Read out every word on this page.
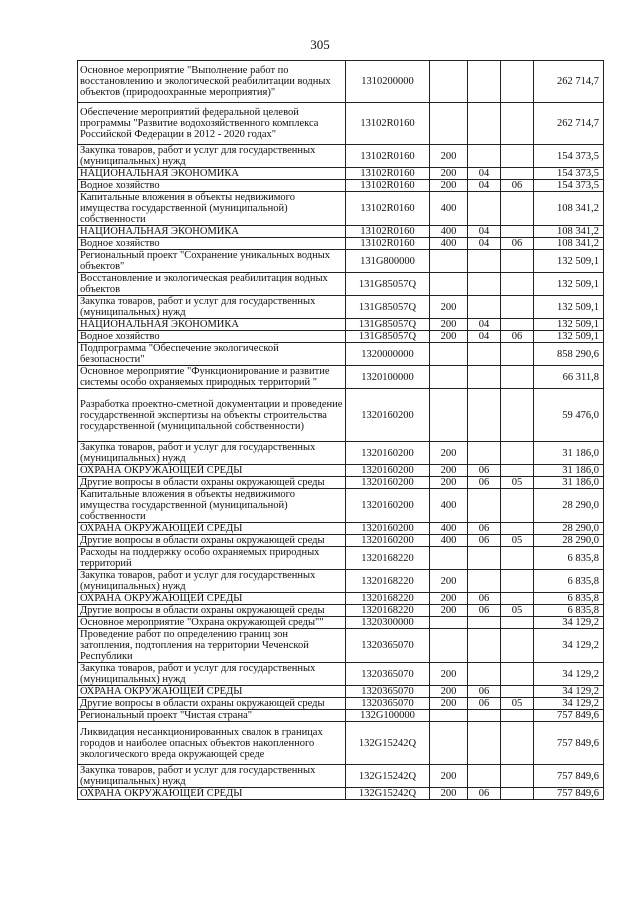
305
Основное мероприятие "Выполнение работ по восстановлению и экологической реабилитации водных объектов (природоохранные мероприятия)"	1310200000				262 714,7
Обеспечение мероприятий федеральной целевой программы "Развитие водохозяйственного комплекса Российской Федерации в 2012 - 2020 годах"	13102R0160				262 714,7
Закупка товаров, работ и услуг для государственных (муниципальных) нужд	13102R0160	200			154 373,5
НАЦИОНАЛЬНАЯ ЭКОНОМИКА	13102R0160	200	04		154 373,5
Водное хозяйство	13102R0160	200	04	06	154 373,5
Капитальные вложения в объекты недвижимого имущества государственной (муниципальной) собственности	13102R0160	400			108 341,2
НАЦИОНАЛЬНАЯ ЭКОНОМИКА	13102R0160	400	04		108 341,2
Водное хозяйство	13102R0160	400	04	06	108 341,2
Региональный проект "Сохранение уникальных водных объектов"	131G800000				132 509,1
Восстановление и экологическая реабилитация водных объектов	131G85057Q				132 509,1
Закупка товаров, работ и услуг для государственных (муниципальных) нужд	131G85057Q	200			132 509,1
НАЦИОНАЛЬНАЯ ЭКОНОМИКА	131G85057Q	200	04		132 509,1
Водное хозяйство	131G85057Q	200	04	06	132 509,1
Подпрограмма "Обеспечение экологической безопасности"	1320000000				858 290,6
Основное мероприятие "Функционирование и развитие системы особо охраняемых природных территорий "	1320100000				66 311,8
Разработка проектно-сметной документации и проведение государственной экспертизы на объекты строительства государственной (муниципальной собственности)	1320160200				59 476,0
Закупка товаров, работ и услуг для государственных (муниципальных) нужд	1320160200	200			31 186,0
ОХРАНА ОКРУЖАЮЩЕЙ СРЕДЫ	1320160200	200	06		31 186,0
Другие вопросы в области охраны окружающей среды	1320160200	200	06	05	31 186,0
Капитальные вложения в объекты недвижимого имущества государственной (муниципальной) собственности	1320160200	400			28 290,0
ОХРАНА ОКРУЖАЮЩЕЙ СРЕДЫ	1320160200	400	06		28 290,0
Другие вопросы в области охраны окружающей среды	1320160200	400	06	05	28 290,0
Расходы на поддержку особо охраняемых природных территорий	1320168220				6 835,8
Закупка товаров, работ и услуг для государственных (муниципальных) нужд	1320168220	200			6 835,8
ОХРАНА ОКРУЖАЮЩЕЙ СРЕДЫ	1320168220	200	06		6 835,8
Другие вопросы в области охраны окружающей среды	1320168220	200	06	05	6 835,8
Основное мероприятие "Охрана окружающей среды""	1320300000				34 129,2
Проведение работ по определению границ зон затопления, подтопления на территории Чеченской Республики	1320365070				34 129,2
Закупка товаров, работ и услуг для государственных (муниципальных) нужд	1320365070	200			34 129,2
ОХРАНА ОКРУЖАЮЩЕЙ СРЕДЫ	1320365070	200	06		34 129,2
Другие вопросы в области охраны окружающей среды	1320365070	200	06	05	34 129,2
Региональный проект "Чистая страна"	132G100000				757 849,6
Ликвидация несанкционированных свалок в границах городов и наиболее опасных объектов накопленного экологического вреда окружающей среде	132G15242Q				757 849,6
Закупка товаров, работ и услуг для государственных (муниципальных) нужд	132G15242Q	200			757 849,6
ОХРАНА ОКРУЖАЮЩЕЙ СРЕДЫ	132G15242Q	200	06		757 849,6
